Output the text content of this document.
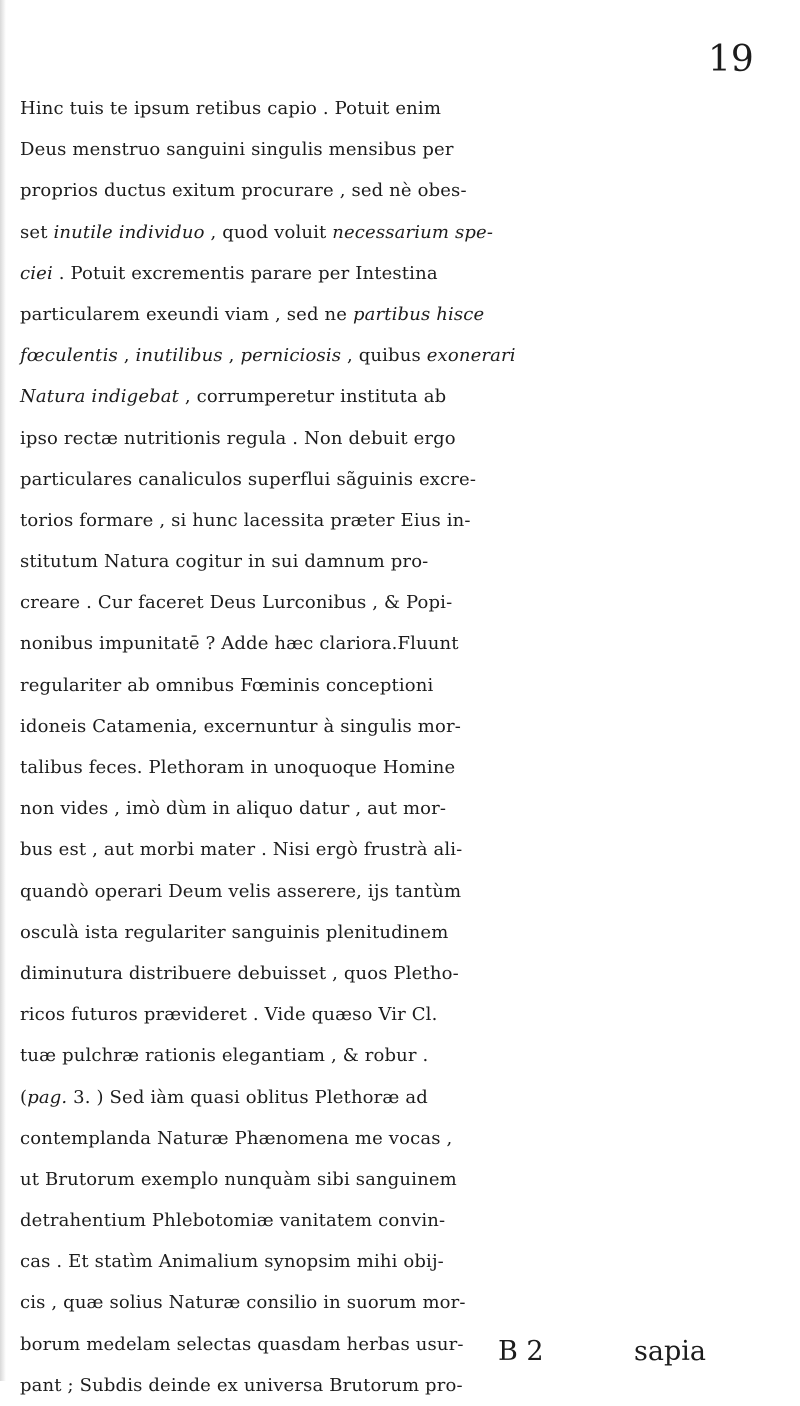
19
Hinc tuis te ipsum retibus capio . Potuit enim
Deus menstruo sanguini singulis mensibus per
proprios ductus exitum procurare , sed nè obes-
set inutile individuo , quod voluit necessarium spe-
ciei . Potuit excrementis parare per Intestina
particularem exeundi viam , sed ne partibus hisce
fœculentis , inutilibus , perniciosis , quibus exonerari
Natura indigebat , corrumperetur instituta ab
ipso rectæ nutritionis regula . Non debuit ergo
particulares canaliculos superflui sãguinis excre-
torios formare , si hunc lacessita præter Eius in-
stitutum Natura cogitur in sui damnum pro-
creare . Cur faceret Deus Lurconibus , & Popi-
nonibus impunitatē ? Adde hæc clariora.Fluunt
regulariter ab omnibus Fœminis conceptioni
idoneis Catamenia, excernuntur à singulis mor-
talibus feces. Plethoram in unoquoque Homine
non vides , imò dùm in aliquo datur , aut mor-
bus est , aut morbi mater . Nisi ergò frustrà ali-
quandò operari Deum velis asserere, ijs tantùm
osculà ista regulariter sanguinis plenitudinem
diminutura distribuere debuisset , quos Pletho-
ricos futuros prævideret . Vide quæso Vir Cl.
tuæ pulchræ rationis elegantiam , & robur .
(pag. 3. ) Sed iàm quasi oblitus Plethoræ ad
contemplanda Naturæ Phænomena me vocas ,
ut Brutorum exemplo nunquàm sibi sanguinem
detrahentium Phlebotomiæ vanitatem convin-
cas . Et statìm Animalium synopsim mihi obij-
cis , quæ solius Naturæ consilio in suorum mor-
borum medelam selectas quasdam herbas usur-
pant ; Subdis deinde ex universa Brutorum pro-
B 2	sapia
